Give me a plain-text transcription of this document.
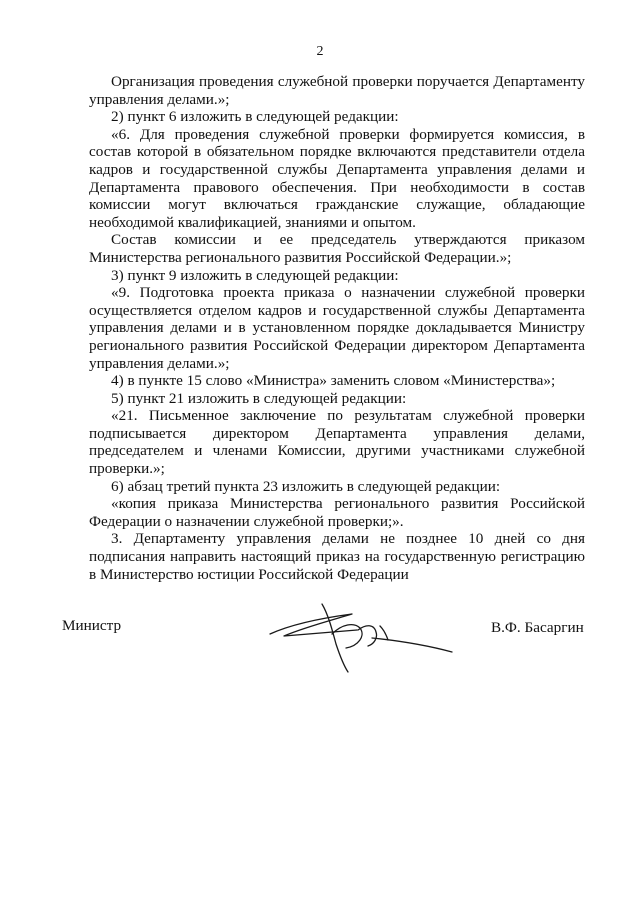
2

Организация проведения служебной проверки поручается Департаменту управления делами.»;

2) пункт 6 изложить в следующей редакции:

«6. Для проведения служебной проверки формируется комиссия, в состав которой в обязательном порядке включаются представители отдела кадров и государственной службы Департамента управления делами и Департамента правового обеспечения. При необходимости в состав комиссии могут включаться гражданские служащие, обладающие необходимой квалификацией, знаниями и опытом.

Состав комиссии и ее председатель утверждаются приказом Министерства регионального развития Российской Федерации.»;

3) пункт 9 изложить в следующей редакции:

«9. Подготовка проекта приказа о назначении служебной проверки осуществляется отделом кадров и государственной службы Департамента управления делами и в установленном порядке докладывается Министру регионального развития Российской Федерации директором Департамента управления делами.»;

4) в пункте 15 слово «Министра» заменить словом «Министерства»;

5) пункт 21 изложить в следующей редакции:

«21. Письменное заключение по результатам служебной проверки подписывается директором Департамента управления делами, председателем и членами Комиссии, другими участниками служебной проверки.»;

6) абзац третий пункта 23 изложить в следующей редакции:

«копия приказа Министерства регионального развития Российской Федерации о назначении служебной проверки;».

3. Департаменту управления делами не позднее 10 дней со дня подписания направить настоящий приказ на государственную регистрацию в Министерство юстиции Российской Федерации

Министр	В.Ф. Басаргин
